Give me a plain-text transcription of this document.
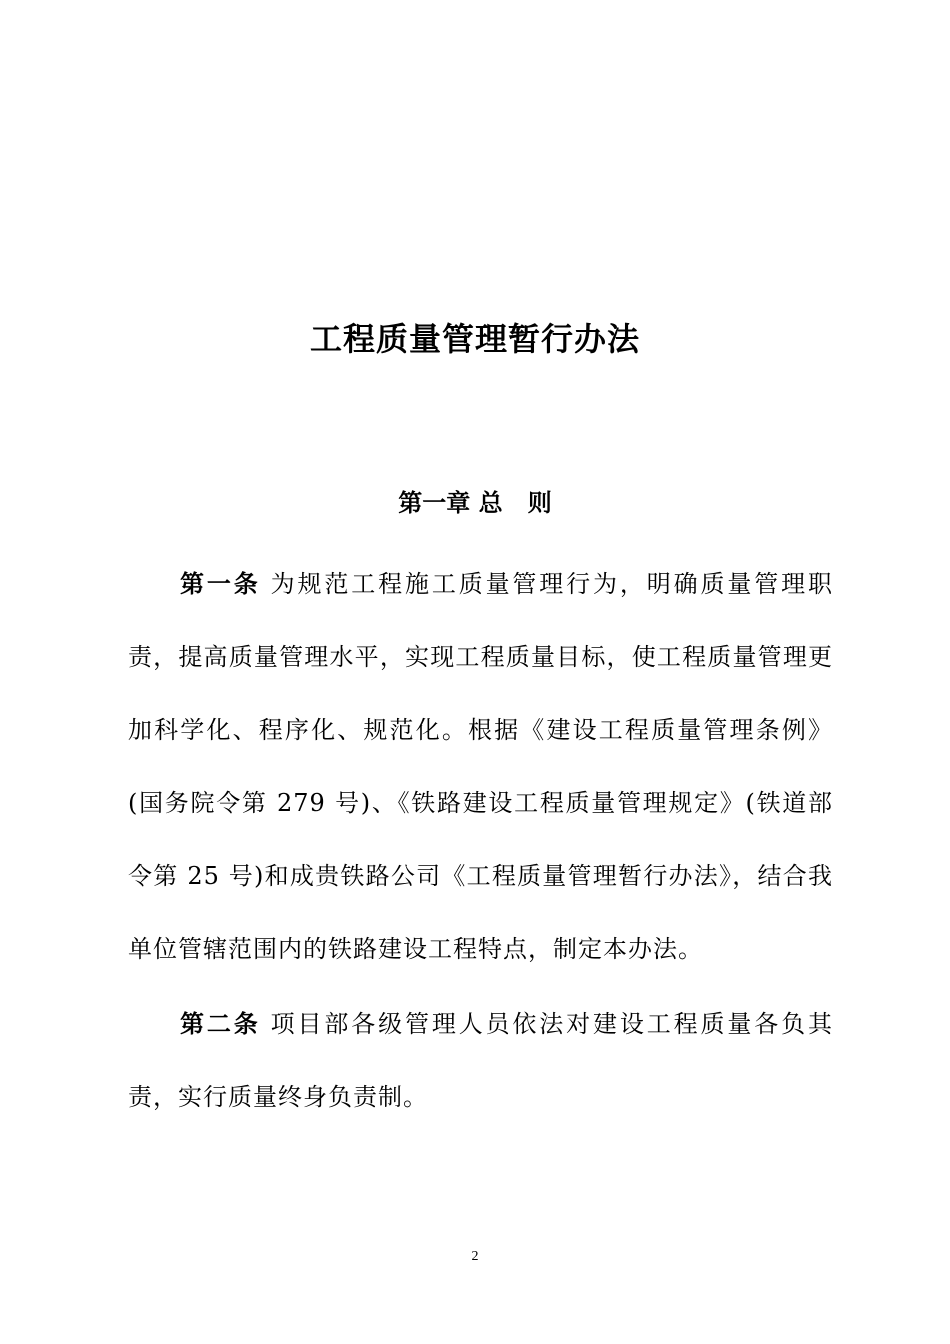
工程质量管理暂行办法
第一章 总   则

第一条 为规范工程施工质量管理行为，明确质量管理职责，提高质量管理水平，实现工程质量目标，使工程质量管理更加科学化、程序化、规范化。根据《建设工程质量管理条例》(国务院令第 279 号)、《铁路建设工程质量管理规定》(铁道部令第 25 号)和成贵铁路公司《工程质量管理暂行办法》，结合我单位管辖范围内的铁路建设工程特点，制定本办法。

第二条 项目部各级管理人员依法对建设工程质量各负其责，实行质量终身负责制。

2
